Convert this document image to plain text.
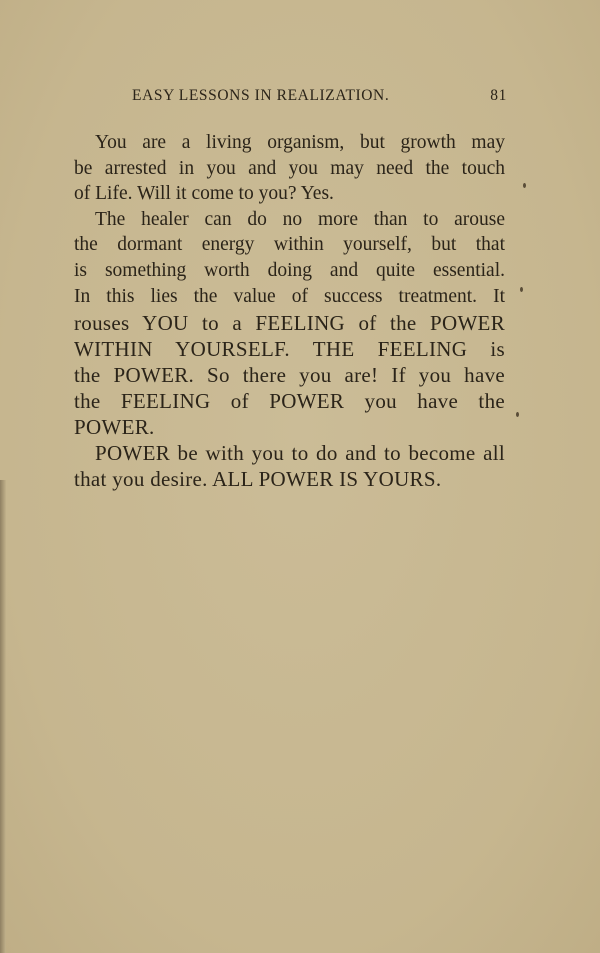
EASY LESSONS IN REALIZATION.	81
You are a living organism, but growth may
be arrested in you and you may need the touch
of Life. Will it come to you? Yes.
The healer can do no more than to arouse
the dormant energy within yourself, but that
is something worth doing and quite essential.
In this lies the value of success treatment. It
rouses YOU to a FEELING of the POWER
WITHIN YOURSELF. THE FEELING is
the POWER. So there you are! If you have
the FEELING of POWER you have the
POWER.
POWER be with you to do and to become all
that you desire. ALL POWER IS YOURS.
